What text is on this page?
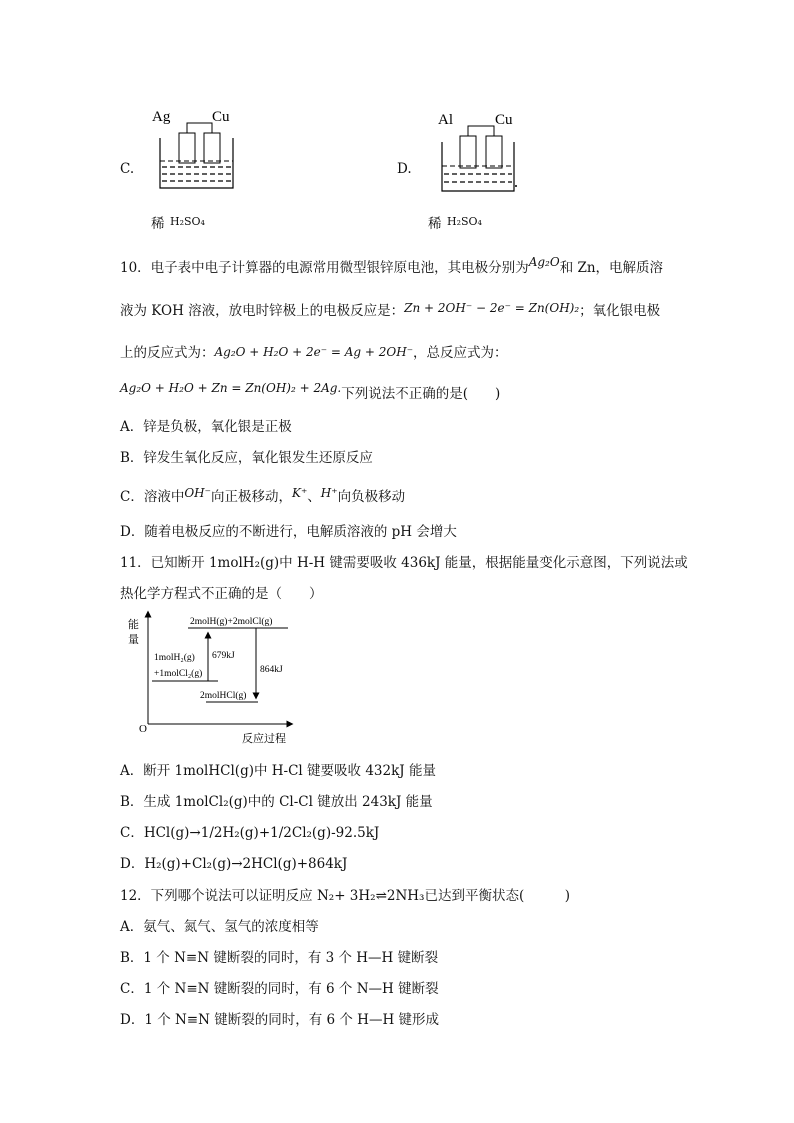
C.
Ag	Cu
稀 H₂SO₄
D.
Al	Cu
稀 H₂SO₄
10．电子表中电子计算器的电源常用微型银锌原电池，其电极分别为Ag₂O和 Zn，电解质溶
液为 KOH 溶液，放电时锌极上的电极反应是：Zn + 2OH⁻ − 2e⁻ = Zn(OH)₂；氧化银电极
上的反应式为：Ag₂O + H₂O + 2e⁻ = Ag + 2OH⁻，总反应式为：
Ag₂O + H₂O + Zn = Zn(OH)₂ + 2Ag.下列说法不正确的是(　　)
A．锌是负极，氧化银是正极
B．锌发生氧化反应，氧化银发生还原反应
C．溶液中OH⁻向正极移动，K⁺、H⁺向负极移动
D．随着电极反应的不断进行，电解质溶液的 pH 会增大
11．已知断开 1molH₂(g)中 H-H 键需要吸收 436kJ 能量，根据能量变化示意图，下列说法或
热化学方程式不正确的是（　　）
能
量
O
反应过程
2molH(g)+2molCl(g)
1molH₂(g)
+1molCl₂(g)
2molHCl(g)
679kJ
864kJ
A．断开 1molHCl(g)中 H-Cl 键要吸收 432kJ 能量
B．生成 1molCl₂(g)中的 Cl-Cl 键放出 243kJ 能量
C．HCl(g)→1/2H₂(g)+1/2Cl₂(g)-92.5kJ
D．H₂(g)+Cl₂(g)→2HCl(g)+864kJ
12．下列哪个说法可以证明反应 N₂+ 3H₂⇌2NH₃已达到平衡状态(　　　)
A．氨气、氮气、氢气的浓度相等
B．1 个 N≡N 键断裂的同时，有 3 个 H—H 键断裂
C．1 个 N≡N 键断裂的同时，有 6 个 N—H 键断裂
D．1 个 N≡N 键断裂的同时，有 6 个 H—H 键形成
